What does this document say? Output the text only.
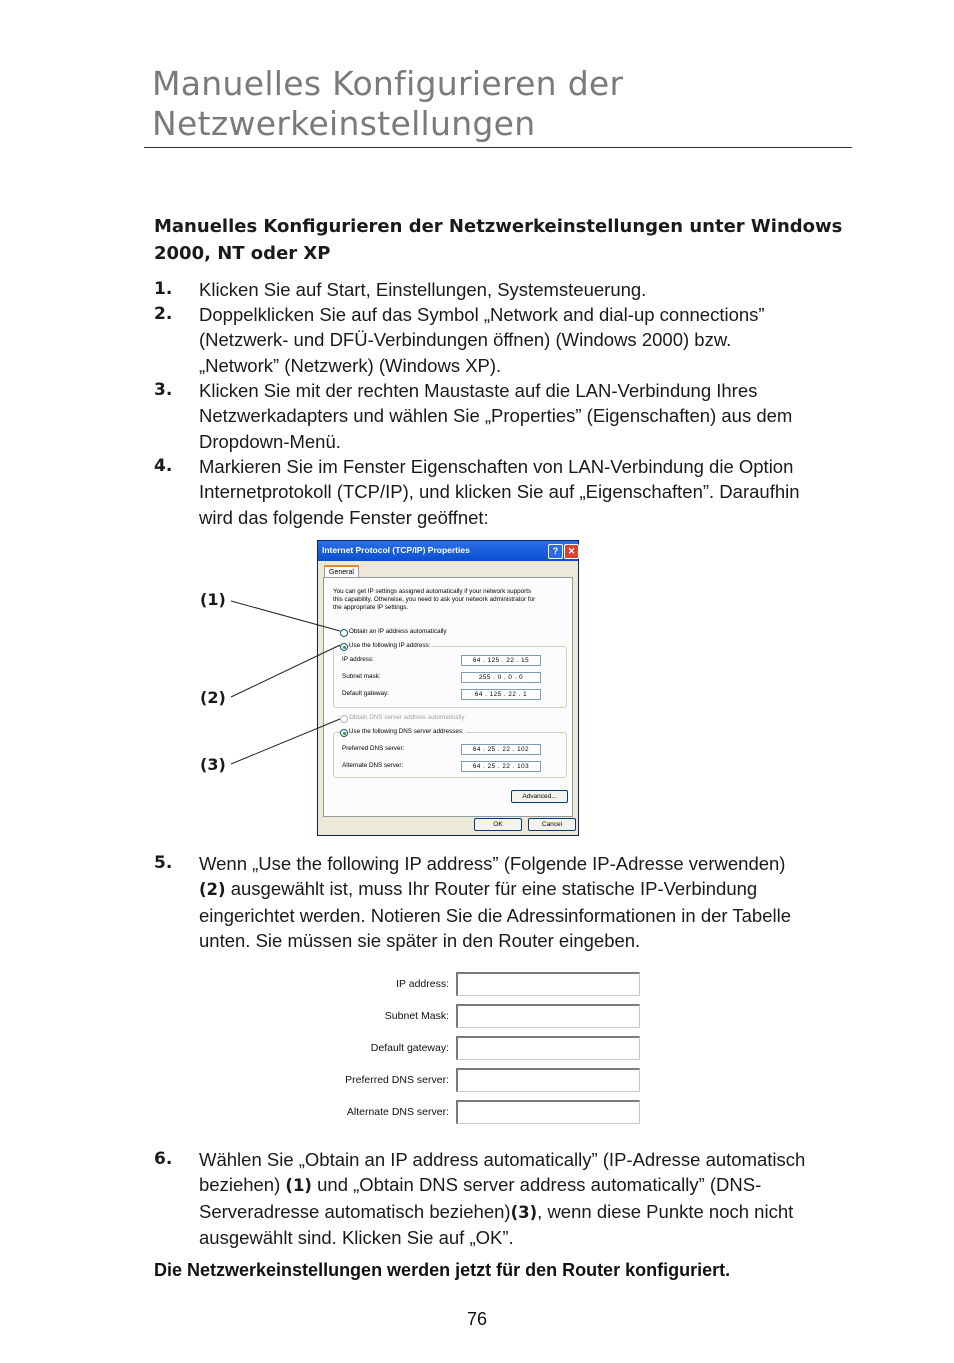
Manuelles Konfigurieren der
Netzwerkeinstellungen
Manuelles Konfigurieren der Netzwerkeinstellungen unter Windows
2000, NT oder XP
1. Klicken Sie auf Start, Einstellungen, Systemsteuerung.
2. Doppelklicken Sie auf das Symbol „Network and dial-up connections”
(Netzwerk- und DFÜ-Verbindungen öffnen) (Windows 2000) bzw.
„Network” (Netzwerk) (Windows XP).
3. Klicken Sie mit der rechten Maustaste auf die LAN-Verbindung Ihres
Netzwerkadapters und wählen Sie „Properties” (Eigenschaften) aus dem
Dropdown-Menü.
4. Markieren Sie im Fenster Eigenschaften von LAN-Verbindung die Option
Internetprotokoll (TCP/IP), und klicken Sie auf „Eigenschaften”. Daraufhin
wird das folgende Fenster geöffnet:
Internet Protocol (TCP/IP) Properties	?	✕
General
You can get IP settings assigned automatically if your network supports
this capability. Otherwise, you need to ask your network administrator for
the appropriate IP settings.
Obtain an IP address automatically
Use the following IP address:
IP address:	64 . 125 . 22 . 15
Subnet mask:	255 . 0 . 0 . 0
Default gateway:	64 . 125 . 22 . 1
Obtain DNS server address automatically
Use the following DNS server addresses:
Preferred DNS server:	64 . 25 . 22 . 102
Alternate DNS server:	64 . 25 . 22 . 103
Advanced...
OK	Cancel
(1)
(2)
(3)
5. Wenn „Use the following IP address” (Folgende IP-Adresse verwenden)
(2) ausgewählt ist, muss Ihr Router für eine statische IP-Verbindung
eingerichtet werden. Notieren Sie die Adressinformationen in der Tabelle
unten. Sie müssen sie später in den Router eingeben.
IP address:
Subnet Mask:
Default gateway:
Preferred DNS server:
Alternate DNS server:
6. Wählen Sie „Obtain an IP address automatically” (IP-Adresse automatisch
beziehen) (1) und „Obtain DNS server address automatically” (DNS-
Serveradresse automatisch beziehen)(3), wenn diese Punkte noch nicht
ausgewählt sind. Klicken Sie auf „OK”.
Die Netzwerkeinstellungen werden jetzt für den Router konfiguriert.
76
